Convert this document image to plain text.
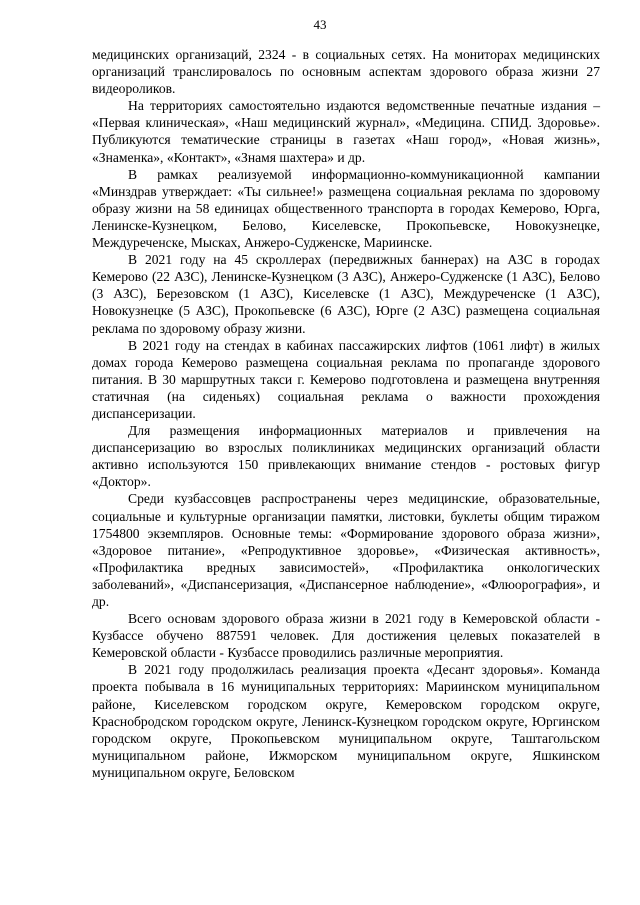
43

медицинских организаций, 2324 - в социальных сетях. На мониторах медицинских организаций транслировалось по основным аспектам здорового образа жизни 27 видеороликов.

На территориях самостоятельно издаются ведомственные печатные издания – «Первая клиническая», «Наш медицинский журнал», «Медицина. СПИД. Здоровье». Публикуются тематические страницы в газетах «Наш город», «Новая жизнь», «Знаменка», «Контакт», «Знамя шахтера» и др.

В рамках реализуемой информационно-коммуникационной кампании «Минздрав утверждает: «Ты сильнее!» размещена социальная реклама по здоровому образу жизни на 58 единицах общественного транспорта в городах Кемерово, Юрга, Ленинске-Кузнецком, Белово, Киселевске, Прокопьевске, Новокузнецке, Междуреченске, Мысках, Анжеро-Судженске, Мариинске.

В 2021 году на 45 скроллерах (передвижных баннерах) на АЗС в городах Кемерово (22 АЗС), Ленинске-Кузнецком (3 АЗС), Анжеро-Судженске (1 АЗС), Белово (3 АЗС), Березовском (1 АЗС), Киселевске (1 АЗС), Междуреченске (1 АЗС), Новокузнецке (5 АЗС), Прокопьевске (6 АЗС), Юрге (2 АЗС) размещена социальная реклама по здоровому образу жизни.

В 2021 году на стендах в кабинах пассажирских лифтов (1061 лифт) в жилых домах города Кемерово размещена социальная реклама по пропаганде здорового питания. В 30 маршрутных такси г. Кемерово подготовлена и размещена внутренняя статичная (на сиденьях) социальная реклама о важности прохождения диспансеризации.

Для размещения информационных материалов и привлечения на диспансеризацию во взрослых поликлиниках медицинских организаций области активно используются 150 привлекающих внимание стендов - ростовых фигур «Доктор».

Среди кузбассовцев распространены через медицинские, образовательные, социальные и культурные организации памятки, листовки, буклеты общим тиражом 1754800 экземпляров. Основные темы: «Формирование здорового образа жизни», «Здоровое питание», «Репродуктивное здоровье», «Физическая активность», «Профилактика вредных зависимостей», «Профилактика онкологических заболеваний», «Диспансеризация, «Диспансерное наблюдение», «Флюорография», и др.

Всего основам здорового образа жизни в 2021 году в Кемеровской области - Кузбассе обучено 887591 человек. Для достижения целевых показателей в Кемеровской области - Кузбассе проводились различные мероприятия.

В 2021 году продолжилась реализация проекта «Десант здоровья». Команда проекта побывала в 16 муниципальных территориях: Мариинском муниципальном районе, Киселевском городском округе, Кемеровском городском округе, Краснобродском городском округе, Ленинск-Кузнецком городском округе, Юргинском городском округе, Прокопьевском муниципальном округе, Таштагольском муниципальном районе, Ижморском муниципальном округе, Яшкинском муниципальном округе, Беловском
